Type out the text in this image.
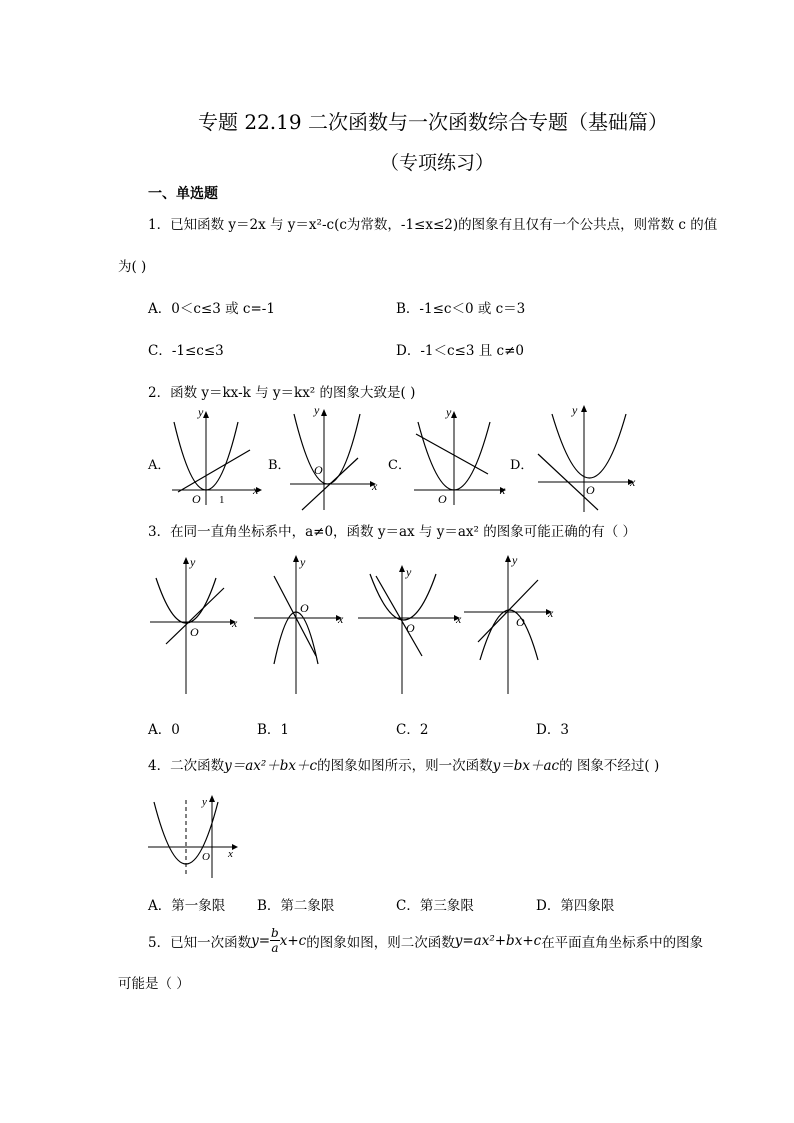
专题 22.19 二次函数与一次函数综合专题（基础篇）
（专项练习）
一、单选题
1．已知函数 y＝2x 与 y＝x²-c(c为常数，-1≤x≤2)的图象有且仅有一个公共点，则常数 c 的值
为( )
A．0＜c≤3 或 c=-1	B．-1≤c＜0 或 c＝3
C．-1≤c≤3	D．-1＜c≤3 且 c≠0
2．函数 y＝kx-k 与 y＝kx² 的图象大致是( )
A．
y
x
O 1
B．
y
x
O	C．
y
x
O
D．
y
x
O
3．在同一直角坐标系中，a≠0，函数 y＝ax 与 y＝ax² 的图象可能正确的有（ ）
y
x
O
y
x
O
y
x
O
y
x
O
A．0	B．1	C．2	D．3
4．二次函数y＝ax²＋bx＋c的图象如图所示，则一次函数y＝bx＋ac的 图象不经过( )
y
x
O
A．第一象限 B．第二象限	C．第三象限	D．第四象限
5．已知一次函数$y= \frac{b}{a} x+c$的图象如图，则二次函数y=ax²+bx+c在平面直角坐标系中的图象
可能是（ ）
